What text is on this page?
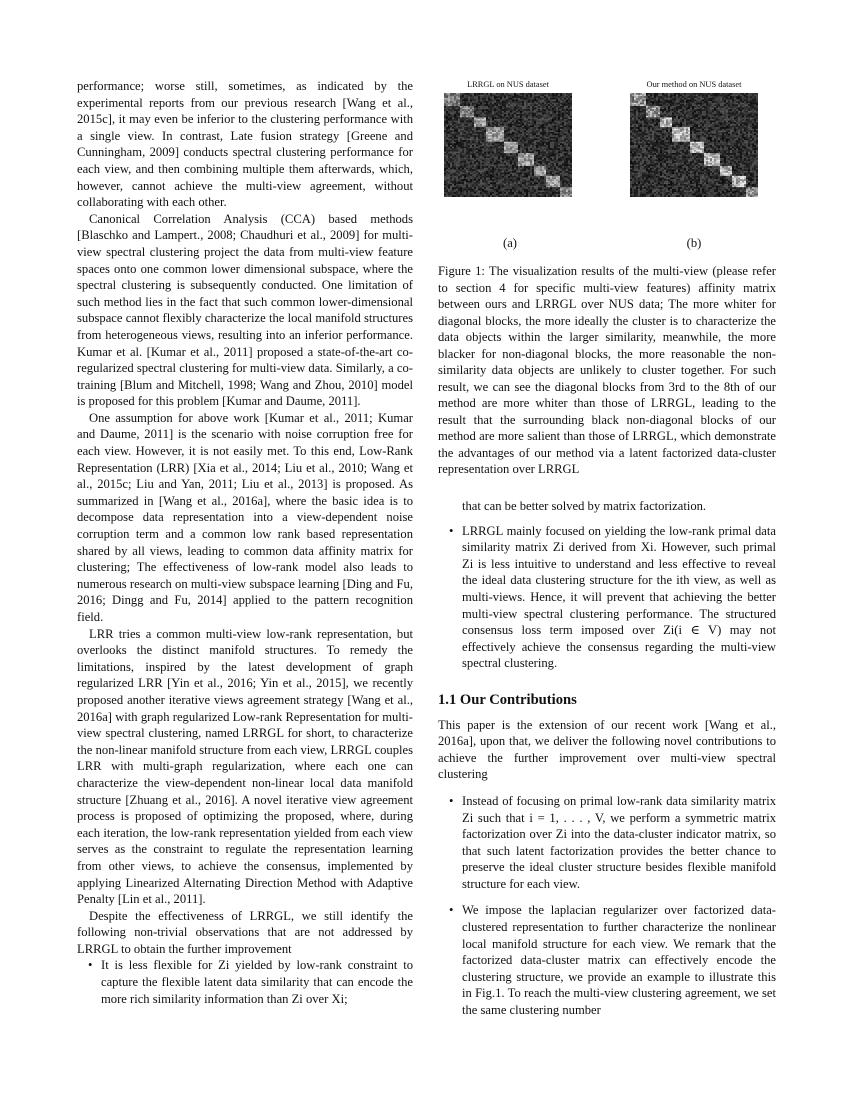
performance; worse still, sometimes, as indicated by the experimental reports from our previous research [Wang et al., 2015c], it may even be inferior to the clustering performance with a single view. In contrast, Late fusion strategy [Greene and Cunningham, 2009] conducts spectral clustering performance for each view, and then combining multiple them afterwards, which, however, cannot achieve the multi-view agreement, without collaborating with each other.

Canonical Correlation Analysis (CCA) based methods [Blaschko and Lampert., 2008; Chaudhuri et al., 2009] for multi-view spectral clustering project the data from multi-view feature spaces onto one common lower dimensional subspace, where the spectral clustering is subsequently conducted. One limitation of such method lies in the fact that such common lower-dimensional subspace cannot flexibly characterize the local manifold structures from heterogeneous views, resulting into an inferior performance. Kumar et al. [Kumar et al., 2011] proposed a state-of-the-art co-regularized spectral clustering for multi-view data. Similarly, a co-training [Blum and Mitchell, 1998; Wang and Zhou, 2010] model is proposed for this problem [Kumar and Daume, 2011].

One assumption for above work [Kumar et al., 2011; Kumar and Daume, 2011] is the scenario with noise corruption free for each view. However, it is not easily met. To this end, Low-Rank Representation (LRR) [Xia et al., 2014; Liu et al., 2010; Wang et al., 2015c; Liu and Yan, 2011; Liu et al., 2013] is proposed. As summarized in [Wang et al., 2016a], where the basic idea is to decompose data representation into a view-dependent noise corruption term and a common low rank based representation shared by all views, leading to common data affinity matrix for clustering; The effectiveness of low-rank model also leads to numerous research on multi-view subspace learning [Ding and Fu, 2016; Dingg and Fu, 2014] applied to the pattern recognition field.

LRR tries a common multi-view low-rank representation, but overlooks the distinct manifold structures. To remedy the limitations, inspired by the latest development of graph regularized LRR [Yin et al., 2016; Yin et al., 2015], we recently proposed another iterative views agreement strategy [Wang et al., 2016a] with graph regularized Low-rank Representation for multi-view spectral clustering, named LRRGL for short, to characterize the non-linear manifold structure from each view, LRRGL couples LRR with multi-graph regularization, where each one can characterize the view-dependent non-linear local data manifold structure [Zhuang et al., 2016]. A novel iterative view agreement process is proposed of optimizing the proposed, where, during each iteration, the low-rank representation yielded from each view serves as the constraint to regulate the representation learning from other views, to achieve the consensus, implemented by applying Linearized Alternating Direction Method with Adaptive Penalty [Lin et al., 2011].

Despite the effectiveness of LRRGL, we still identify the following non-trivial observations that are not addressed by LRRGL to obtain the further improvement

• It is less flexible for Zi yielded by low-rank constraint to capture the flexible latent data similarity that can encode the more rich similarity information than Zi over Xi;
LRRGL on NUS dataset	Our method on NUS dataset
(a)	(b)
Figure 1: The visualization results of the multi-view (please refer to section 4 for specific multi-view features) affinity matrix between ours and LRRGL over NUS data; The more whiter for diagonal blocks, the more ideally the cluster is to characterize the data objects within the larger similarity, meanwhile, the more blacker for non-diagonal blocks, the more reasonable the non-similarity data objects are unlikely to cluster together. For such result, we can see the diagonal blocks from 3rd to the 8th of our method are more whiter than those of LRRGL, leading to the result that the surrounding black non-diagonal blocks of our method are more salient than those of LRRGL, which demonstrate the advantages of our method via a latent factorized data-cluster representation over LRRGL

that can be better solved by matrix factorization.

• LRRGL mainly focused on yielding the low-rank primal data similarity matrix Zi derived from Xi. However, such primal Zi is less intuitive to understand and less effective to reveal the ideal data clustering structure for the ith view, as well as multi-views. Hence, it will prevent that achieving the better multi-view spectral clustering performance. The structured consensus loss term imposed over Zi(i ∈ V) may not effectively achieve the consensus regarding the multi-view spectral clustering.
1.1 Our Contributions

This paper is the extension of our recent work [Wang et al., 2016a], upon that, we deliver the following novel contributions to achieve the further improvement over multi-view spectral clustering

• Instead of focusing on primal low-rank data similarity matrix Zi such that i = 1, . . . , V, we perform a symmetric matrix factorization over Zi into the data-cluster indicator matrix, so that such latent factorization provides the better chance to preserve the ideal cluster structure besides flexible manifold structure for each view.
• We impose the laplacian regularizer over factorized data-clustered representation to further characterize the nonlinear local manifold structure for each view. We remark that the factorized data-cluster matrix can effectively encode the clustering structure, we provide an example to illustrate this in Fig.1. To reach the multi-view clustering agreement, we set the same clustering number
